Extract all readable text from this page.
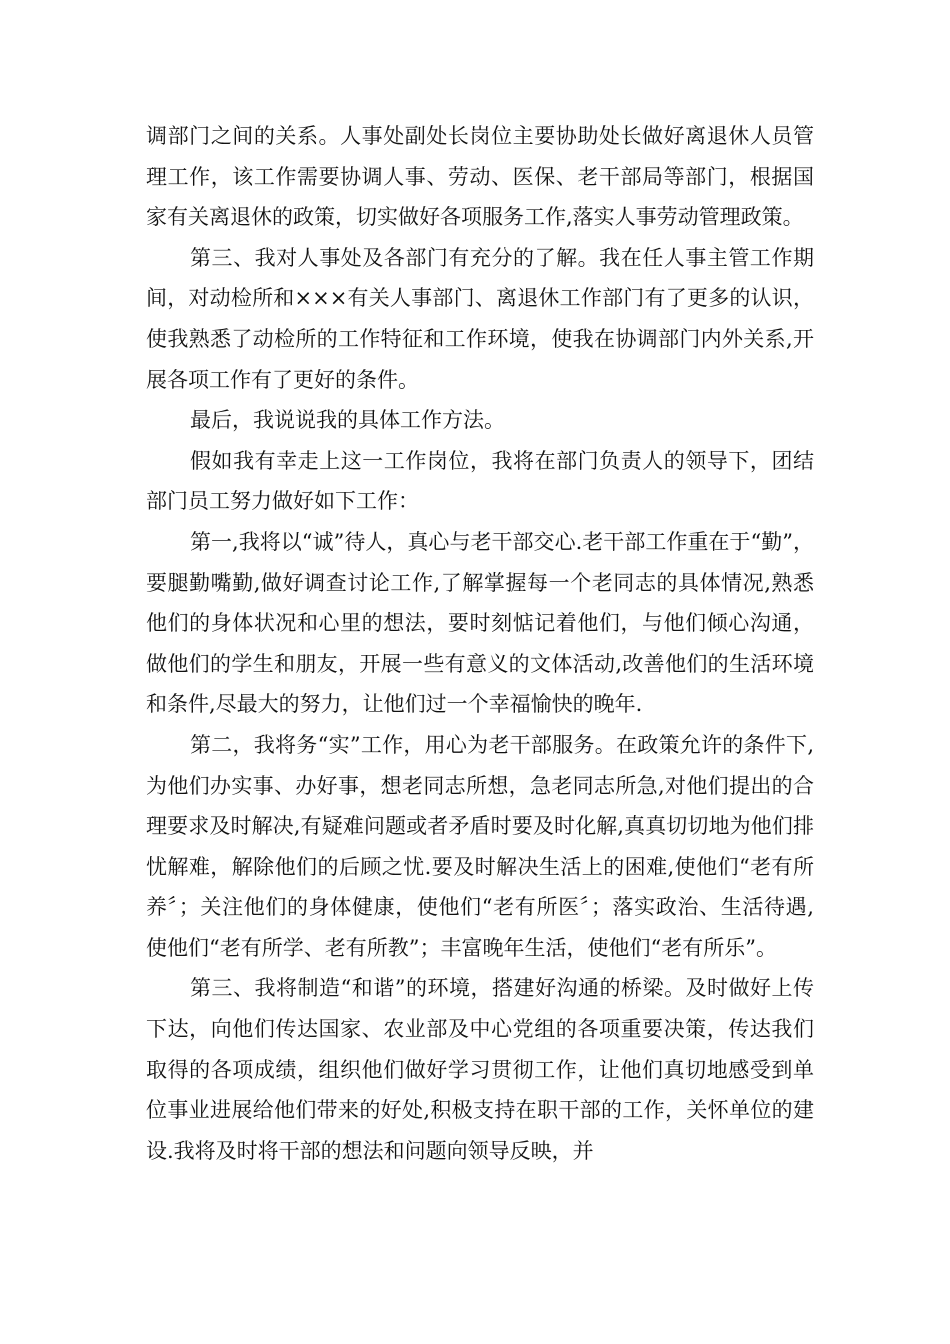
调部门之间的关系。人事处副处长岗位主要协助处长做好离退休人员管理工作，该工作需要协调人事、劳动、医保、老干部局等部门，根据国家有关离退休的政策，切实做好各项服务工作,落实人事劳动管理政策。

第三、我对人事处及各部门有充分的了解。我在任人事主管工作期间，对动检所和×××有关人事部门、离退休工作部门有了更多的认识，使我熟悉了动检所的工作特征和工作环境，使我在协调部门内外关系,开展各项工作有了更好的条件。

最后，我说说我的具体工作方法。

假如我有幸走上这一工作岗位，我将在部门负责人的领导下，团结部门员工努力做好如下工作：

第一,我将以“诚”待人，真心与老干部交心.老干部工作重在于“勤”，要腿勤嘴勤,做好调查讨论工作,了解掌握每一个老同志的具体情况,熟悉他们的身体状况和心里的想法，要时刻惦记着他们，与他们倾心沟通，做他们的学生和朋友，开展一些有意义的文体活动,改善他们的生活环境和条件,尽最大的努力，让他们过一个幸福愉快的晚年.

第二，我将务“实”工作，用心为老干部服务。在政策允许的条件下,为他们办实事、办好事，想老同志所想，急老同志所急,对他们提出的合理要求及时解决,有疑难问题或者矛盾时要及时化解,真真切切地为他们排忧解难，解除他们的后顾之忧.要及时解决生活上的困难,使他们“老有所养〞；关注他们的身体健康，使他们“老有所医〞；落实政治、生活待遇,使他们“老有所学、老有所教”；丰富晚年生活，使他们“老有所乐”。

第三、我将制造“和谐”的环境，搭建好沟通的桥梁。及时做好上传下达，向他们传达国家、农业部及中心党组的各项重要决策，传达我们取得的各项成绩，组织他们做好学习贯彻工作，让他们真切地感受到单位事业进展给他们带来的好处,积极支持在职干部的工作，关怀单位的建设.我将及时将干部的想法和问题向领导反映，并
